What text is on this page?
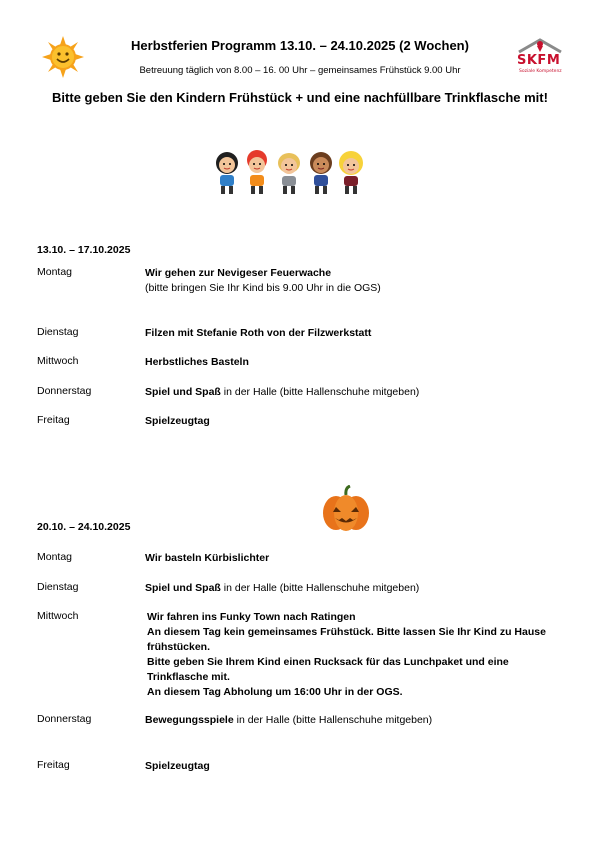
SKFM
Soziale Kompetenz
Herbstferien Programm 13.10. – 24.10.2025 (2 Wochen)
Betreuung täglich von 8.00 – 16. 00 Uhr – gemeinsames Frühstück 9.00 Uhr
Bitte geben Sie den Kindern Frühstück + und eine nachfüllbare Trinkflasche mit!
13.10. – 17.10.2025
Montag	Wir gehen zur Nevigeser Feuerwache
(bitte bringen Sie Ihr Kind bis 9.00 Uhr in die OGS)
Dienstag	Filzen mit Stefanie Roth von der Filzwerkstatt
Mittwoch	Herbstliches Basteln
Donnerstag	Spiel und Spaß in der Halle (bitte Hallenschuhe mitgeben)
Freitag	Spielzeugtag
20.10. – 24.10.2025
Montag	Wir basteln Kürbislichter
Dienstag	Spiel und Spaß in der Halle (bitte Hallenschuhe mitgeben)
Mittwoch	Wir fahren ins Funky Town nach Ratingen
An diesem Tag kein gemeinsames Frühstück. Bitte lassen Sie Ihr Kind zu Hause
frühstücken.
Bitte geben Sie Ihrem Kind einen Rucksack für das Lunchpaket und eine
Trinkflasche mit.
An diesem Tag Abholung um 16:00 Uhr in der OGS.
Donnerstag	Bewegungsspiele in der Halle (bitte Hallenschuhe mitgeben)
Freitag	Spielzeugtag
